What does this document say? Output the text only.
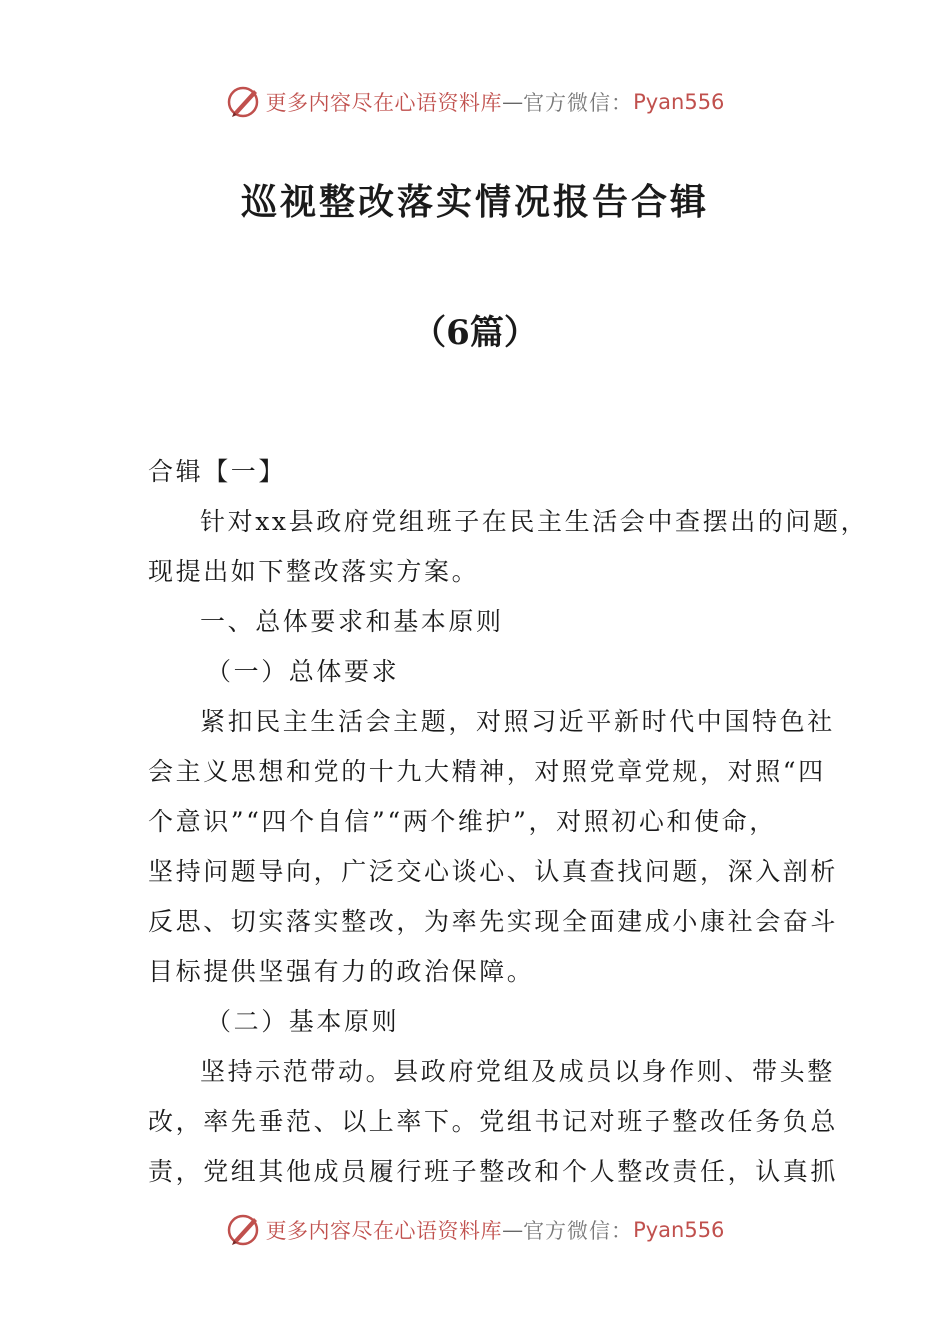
更多内容尽在心语资料库 — 官方微信： Pyan556
巡视整改落实情况报告合辑
（6篇）
合辑【一】
针对xx县政府党组班子在民主生活会中查摆出的问题，
现提出如下整改落实方案。
一、总体要求和基本原则
（一）总体要求
紧扣民主生活会主题，对照习近平新时代中国特色社
会主义思想和党的十九大精神，对照党章党规，对照“四
个意识”“四个自信”“两个维护”，对照初心和使命，
坚持问题导向，广泛交心谈心、认真查找问题，深入剖析
反思、切实落实整改，为率先实现全面建成小康社会奋斗
目标提供坚强有力的政治保障。
（二）基本原则
坚持示范带动。县政府党组及成员以身作则、带头整
改，率先垂范、以上率下。党组书记对班子整改任务负总
责，党组其他成员履行班子整改和个人整改责任，认真抓
更多内容尽在心语资料库 — 官方微信： Pyan556
